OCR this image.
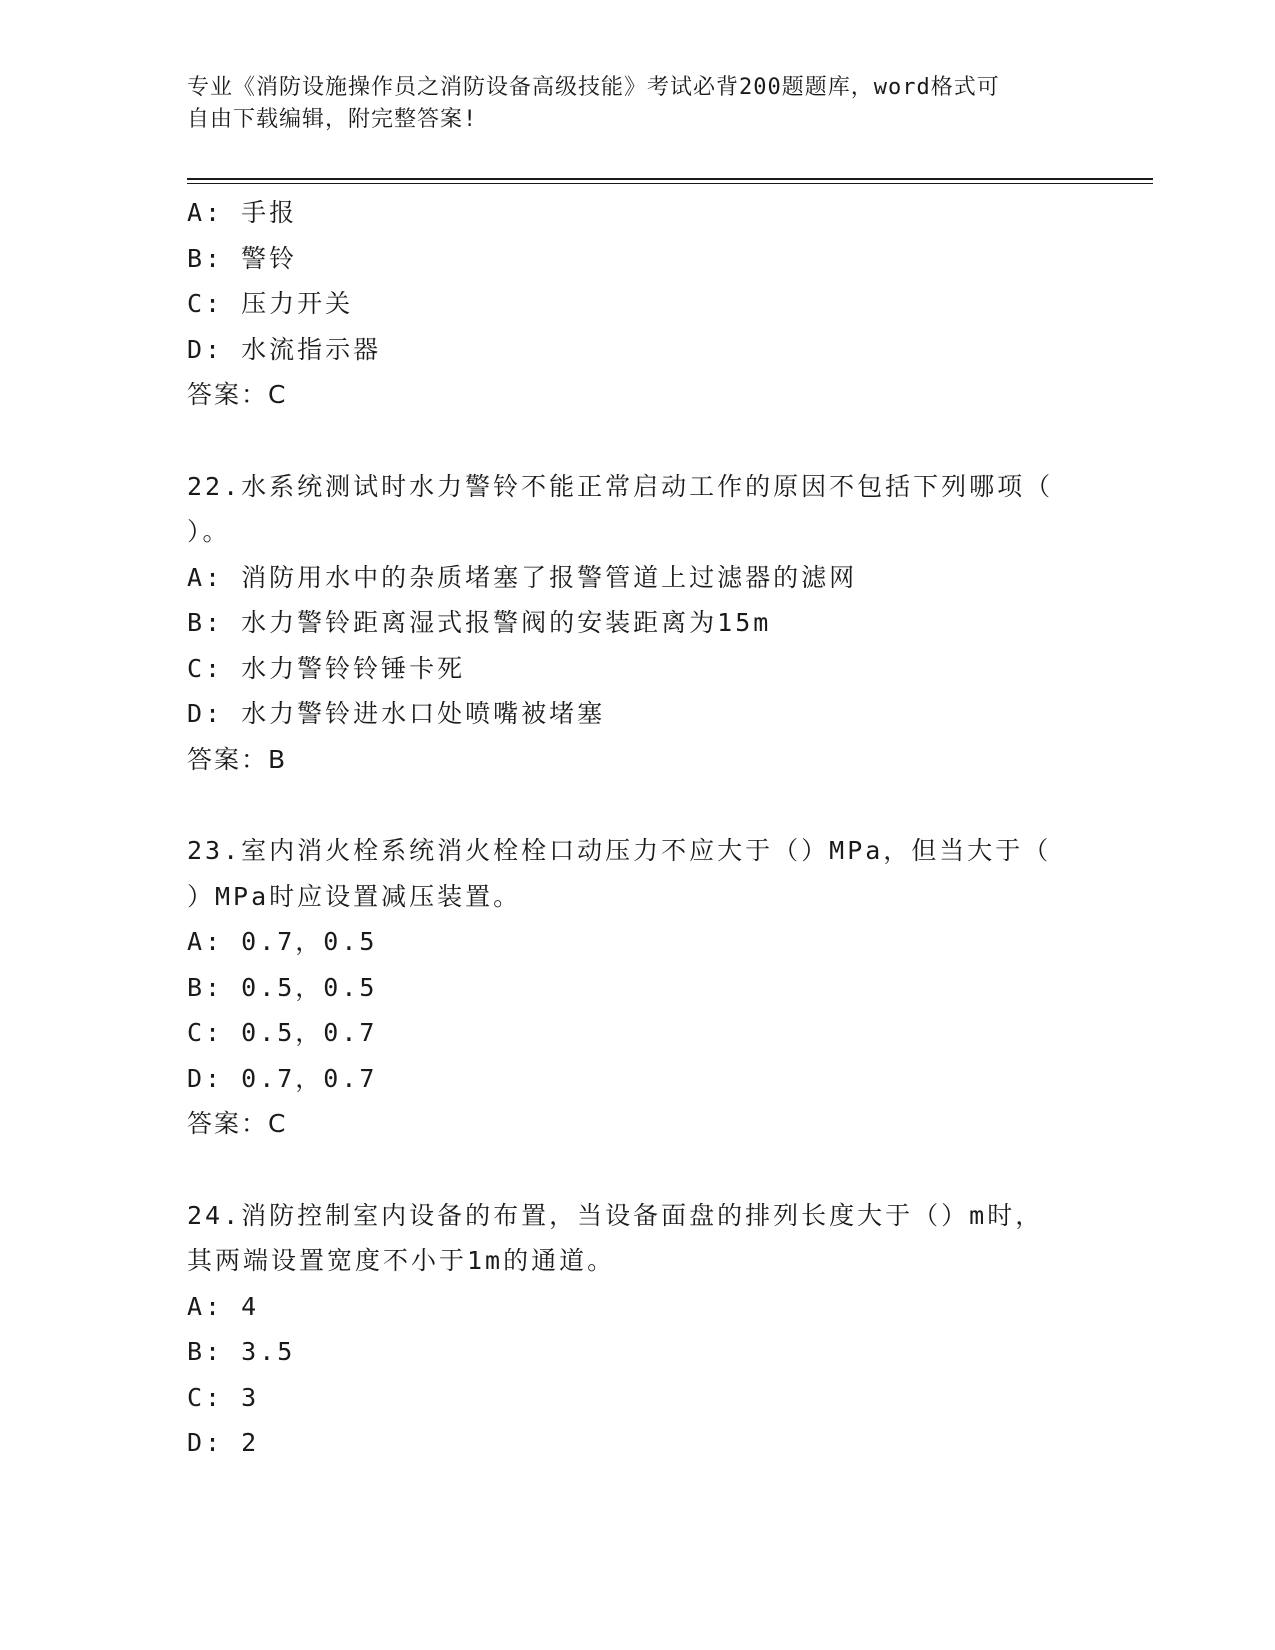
专业《消防设施操作员之消防设备高级技能》考试必背200题题库，word格式可
自由下载编辑，附完整答案!
A: 手报
B: 警铃
C: 压力开关
D: 水流指示器
答案：C
22.水系统测试时水力警铃不能正常启动工作的原因不包括下列哪项（
）。
A: 消防用水中的杂质堵塞了报警管道上过滤器的滤网
B: 水力警铃距离湿式报警阀的安装距离为15m
C: 水力警铃铃锤卡死
D: 水力警铃进水口处喷嘴被堵塞
答案：B
23.室内消火栓系统消火栓栓口动压力不应大于（）MPa，但当大于（
）MPa时应设置减压装置。
A: 0.7，0.5
B: 0.5，0.5
C: 0.5，0.7
D: 0.7，0.7
答案：C
24.消防控制室内设备的布置，当设备面盘的排列长度大于（）m时，
其两端设置宽度不小于1m的通道。
A: 4
B: 3.5
C: 3
D: 2
